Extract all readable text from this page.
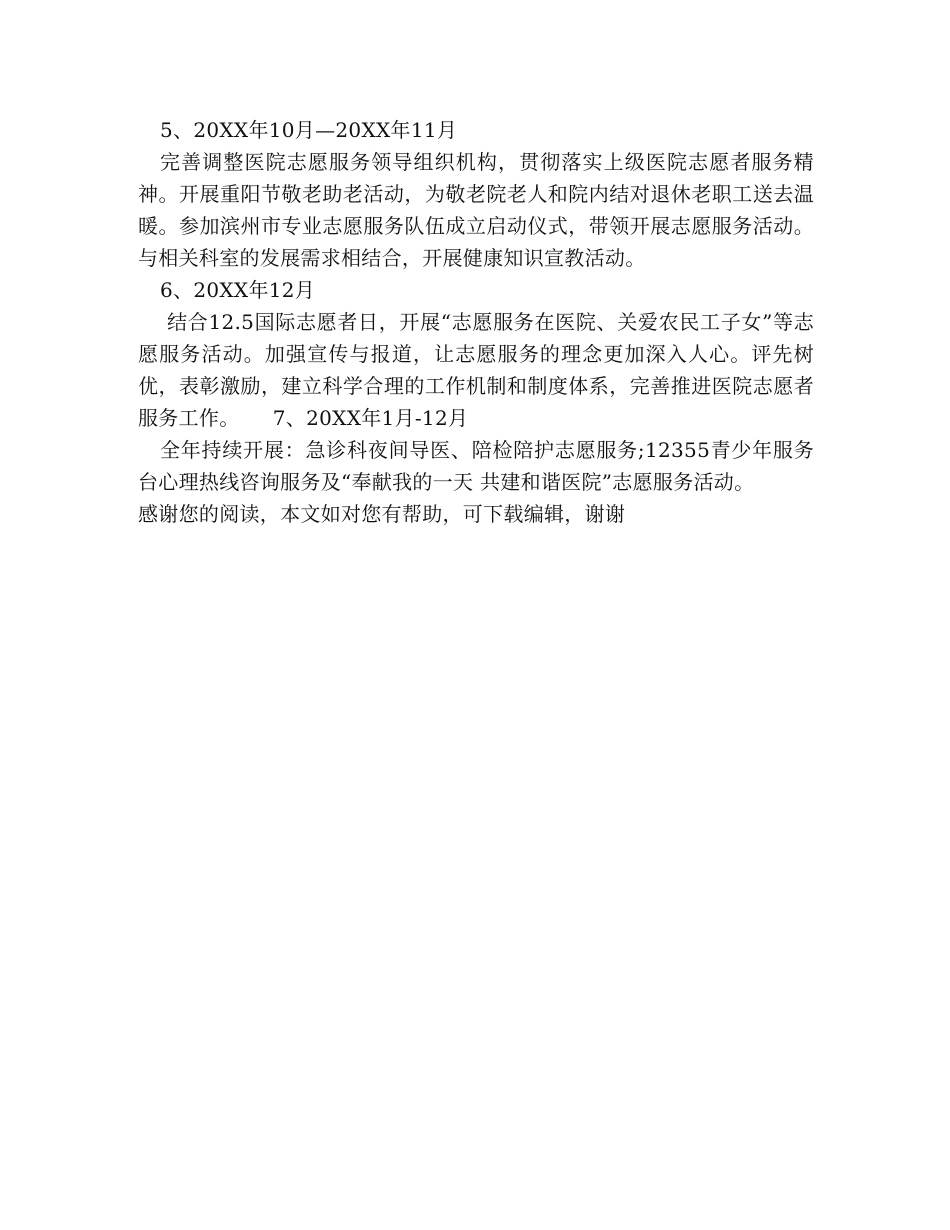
5、20XX年10月—20XX年11月

完善调整医院志愿服务领导组织机构，贯彻落实上级医院志愿者服务精神。开展重阳节敬老助老活动，为敬老院老人和院内结对退休老职工送去温暖。参加滨州市专业志愿服务队伍成立启动仪式，带领开展志愿服务活动。与相关科室的发展需求相结合，开展健康知识宣教活动。

6、20XX年12月

结合12.5国际志愿者日，开展“志愿服务在医院、关爱农民工子女”等志愿服务活动。加强宣传与报道，让志愿服务的理念更加深入人心。评先树优，表彰激励，建立科学合理的工作机制和制度体系，完善推进医院志愿者服务工作。     7、20XX年1月-12月

全年持续开展：急诊科夜间导医、陪检陪护志愿服务;12355青少年服务台心理热线咨询服务及“奉献我的一天 共建和谐医院”志愿服务活动。

感谢您的阅读，本文如对您有帮助，可下载编辑，谢谢
